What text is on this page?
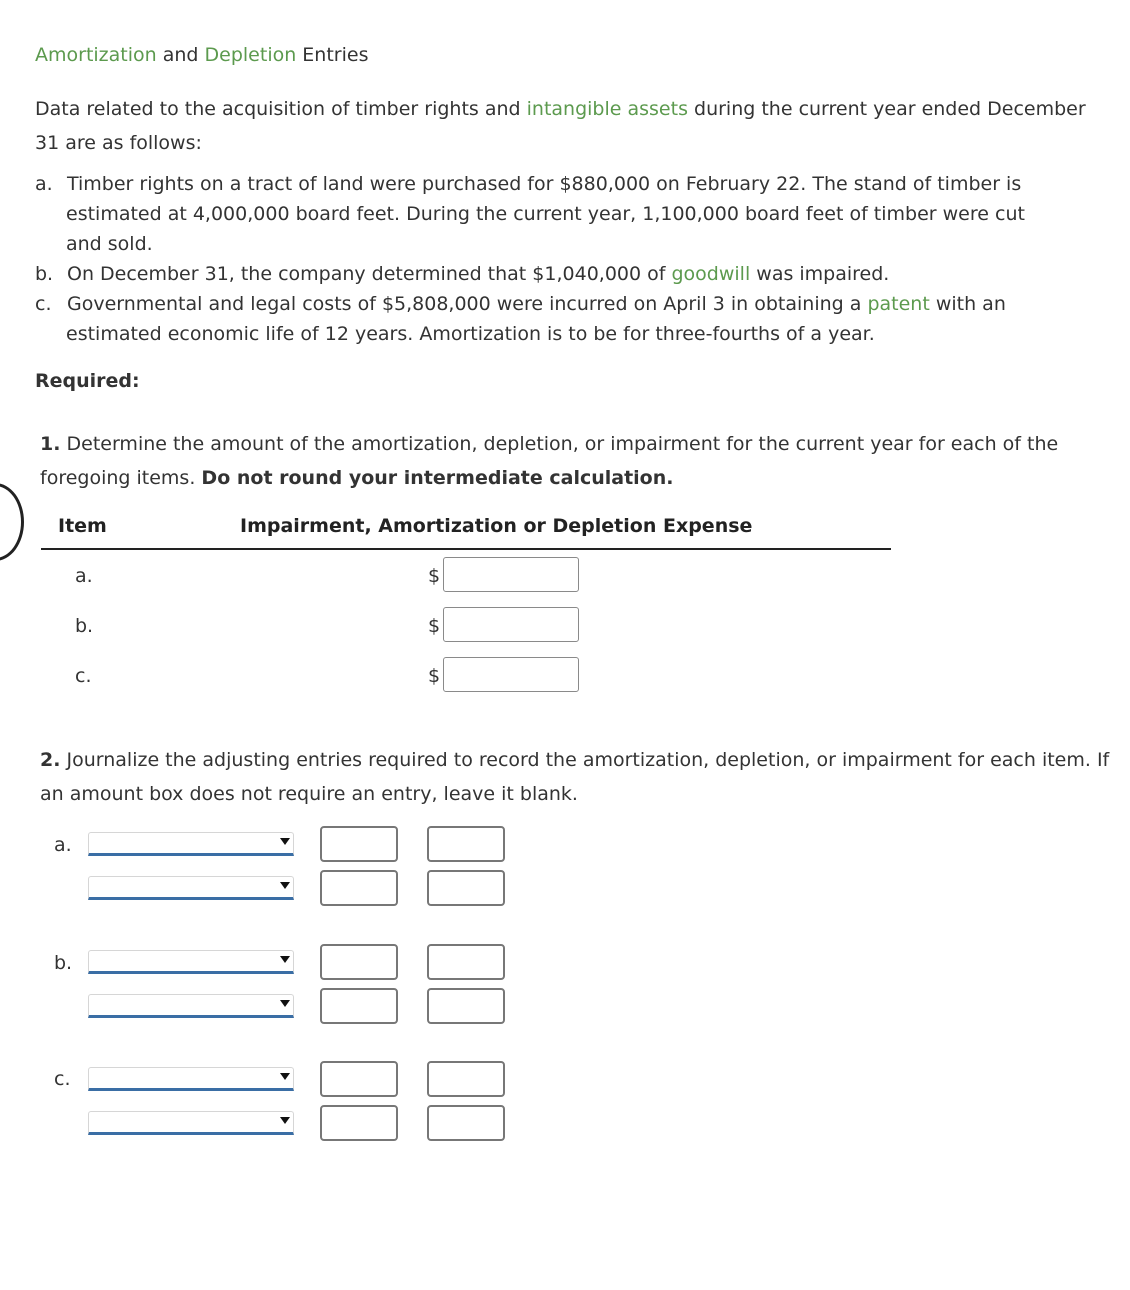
Amortization and Depletion Entries
Data related to the acquisition of timber rights and intangible assets during the current year ended December 31 are as follows:
a. Timber rights on a tract of land were purchased for $880,000 on February 22. The stand of timber is
estimated at 4,000,000 board feet. During the current year, 1,100,000 board feet of timber were cut
and sold.
b. On December 31, the company determined that $1,040,000 of goodwill was impaired.
c. Governmental and legal costs of $5,808,000 were incurred on April 3 in obtaining a patent with an
estimated economic life of 12 years. Amortization is to be for three-fourths of a year.
Required:
1. Determine the amount of the amortization, depletion, or impairment for the current year for each of the foregoing items. Do not round your intermediate calculation.
Item	Impairment, Amortization or Depletion Expense
a.	$
b.	$
c.	$
2. Journalize the adjusting entries required to record the amortization, depletion, or impairment for each item. If an amount box does not require an entry, leave it blank.
a.
b.
c.
